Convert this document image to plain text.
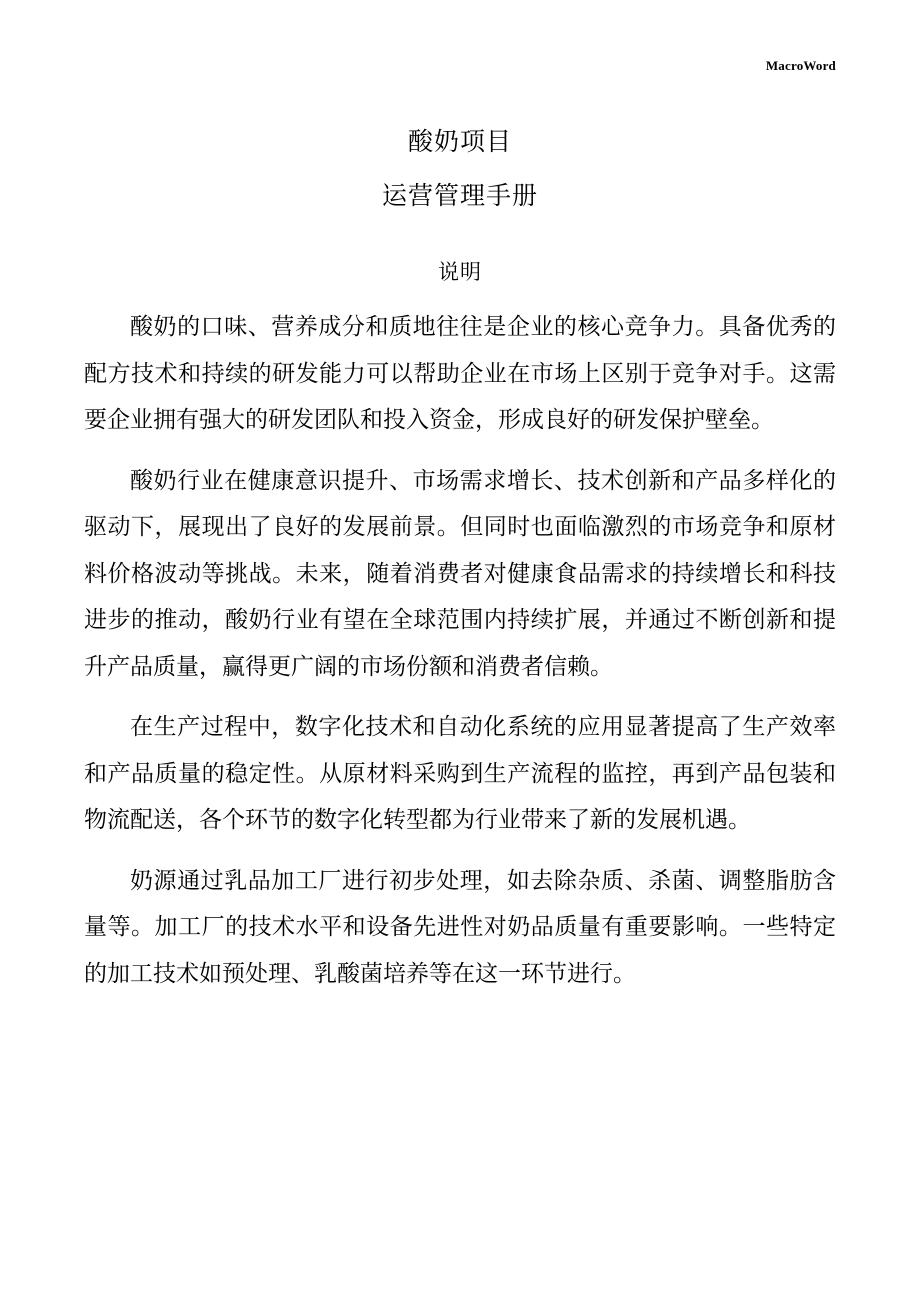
MacroWord
酸奶项目
运营管理手册
说明

酸奶的口味、营养成分和质地往往是企业的核心竞争力。具备优秀的配方技术和持续的研发能力可以帮助企业在市场上区别于竞争对手。这需要企业拥有强大的研发团队和投入资金，形成良好的研发保护壁垒。

酸奶行业在健康意识提升、市场需求增长、技术创新和产品多样化的驱动下，展现出了良好的发展前景。但同时也面临激烈的市场竞争和原材料价格波动等挑战。未来，随着消费者对健康食品需求的持续增长和科技进步的推动，酸奶行业有望在全球范围内持续扩展，并通过不断创新和提升产品质量，赢得更广阔的市场份额和消费者信赖。

在生产过程中，数字化技术和自动化系统的应用显著提高了生产效率和产品质量的稳定性。从原材料采购到生产流程的监控，再到产品包装和物流配送，各个环节的数字化转型都为行业带来了新的发展机遇。

奶源通过乳品加工厂进行初步处理，如去除杂质、杀菌、调整脂肪含量等。加工厂的技术水平和设备先进性对奶品质量有重要影响。一些特定的加工技术如预处理、乳酸菌培养等在这一环节进行。
